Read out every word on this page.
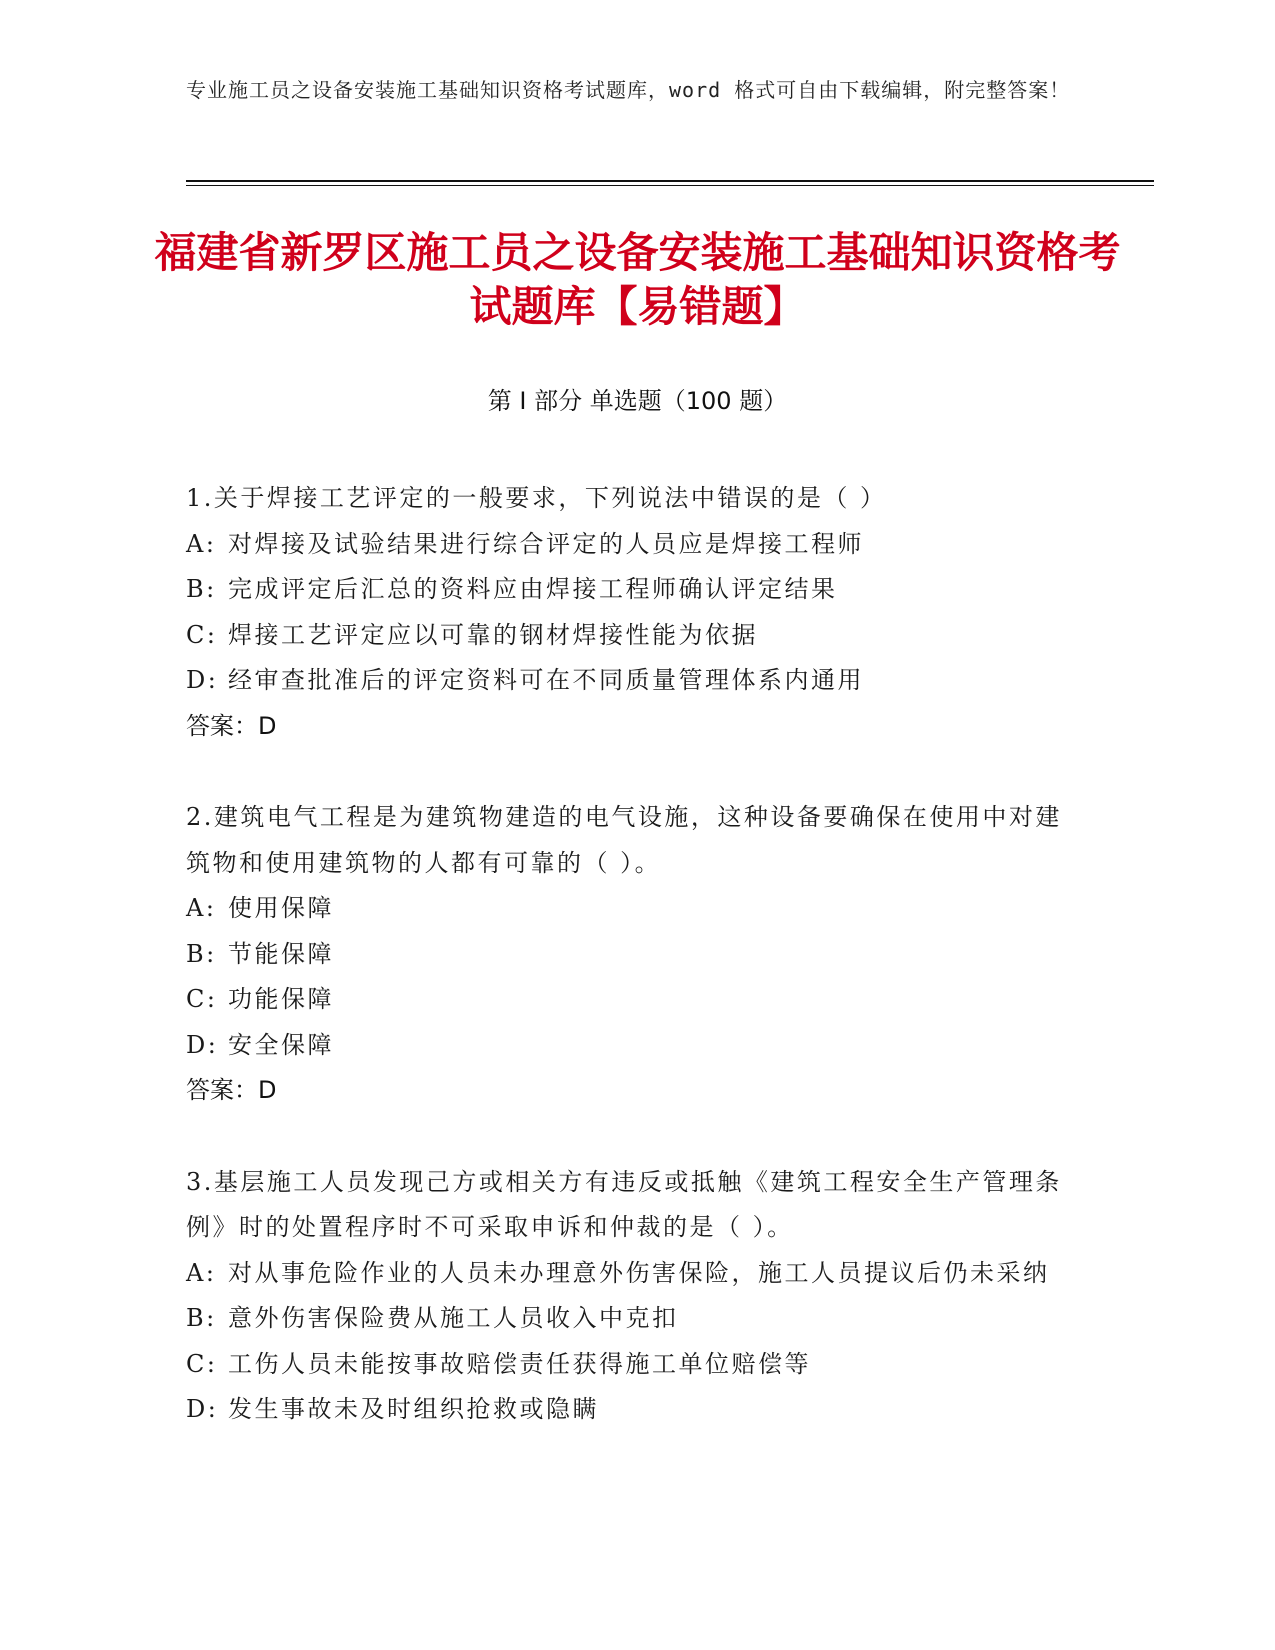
专业施工员之设备安装施工基础知识资格考试题库，word 格式可自由下载编辑，附完整答案！
福建省新罗区施工员之设备安装施工基础知识资格考试题库【易错题】
第 I 部分 单选题（100 题）
1.关于焊接工艺评定的一般要求，下列说法中错误的是（ ）
A: 对焊接及试验结果进行综合评定的人员应是焊接工程师
B: 完成评定后汇总的资料应由焊接工程师确认评定结果
C: 焊接工艺评定应以可靠的钢材焊接性能为依据
D: 经审查批准后的评定资料可在不同质量管理体系内通用
答案：D
2.建筑电气工程是为建筑物建造的电气设施，这种设备要确保在使用中对建筑物和使用建筑物的人都有可靠的（ ）。
A: 使用保障
B: 节能保障
C: 功能保障
D: 安全保障
答案：D
3.基层施工人员发现己方或相关方有违反或抵触《建筑工程安全生产管理条例》时的处置程序时不可采取申诉和仲裁的是（ ）。
A: 对从事危险作业的人员未办理意外伤害保险，施工人员提议后仍未采纳
B: 意外伤害保险费从施工人员收入中克扣
C: 工伤人员未能按事故赔偿责任获得施工单位赔偿等
D: 发生事故未及时组织抢救或隐瞒
